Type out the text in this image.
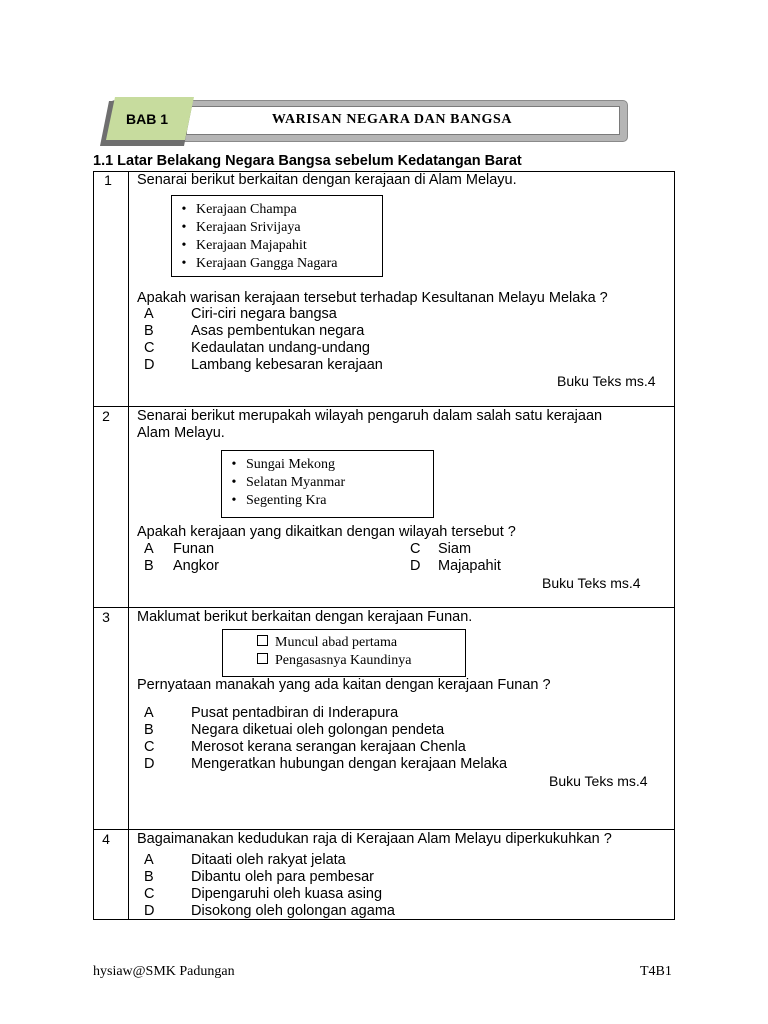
WARISAN NEGARA DAN BANGSA
BAB 1
1.1 Latar Belakang Negara Bangsa sebelum Kedatangan Barat
1	Senarai berikut berkaitan dengan kerajaan di Alam Melayu.
• Kerajaan Champa
• Kerajaan Srivijaya
• Kerajaan Majapahit
• Kerajaan Gangga Nagara
Apakah warisan kerajaan tersebut terhadap Kesultanan Melayu Melaka ?
A	Ciri-ciri negara bangsa
B	Asas pembentukan negara
C	Kedaulatan undang-undang
D	Lambang kebesaran kerajaan
Buku Teks ms.4
2	Senarai berikut merupakah wilayah pengaruh dalam salah satu kerajaan
Alam Melayu.
• Sungai Mekong
• Selatan Myanmar
• Segenting Kra
Apakah kerajaan yang dikaitkan dengan wilayah tersebut ?
A Funan
B Angkor
C Siam
D Majapahit
Buku Teks ms.4
3	Maklumat berikut berkaitan dengan kerajaan Funan.
Muncul abad pertama
Pengasasnya Kaundinya
Pernyataan manakah yang ada kaitan dengan kerajaan Funan ?
A	Pusat pentadbiran di Inderapura
B	Negara diketuai oleh golongan pendeta
C	Merosot kerana serangan kerajaan Chenla
D	Mengeratkan hubungan dengan kerajaan Melaka
Buku Teks ms.4
4	Bagaimanakan kedudukan raja di Kerajaan Alam Melayu diperkukuhkan ?
A	Ditaati oleh rakyat jelata
B	Dibantu oleh para pembesar
C	Dipengaruhi oleh kuasa asing
D	Disokong oleh golongan agama
hysiaw@SMK Padungan	T4B1
